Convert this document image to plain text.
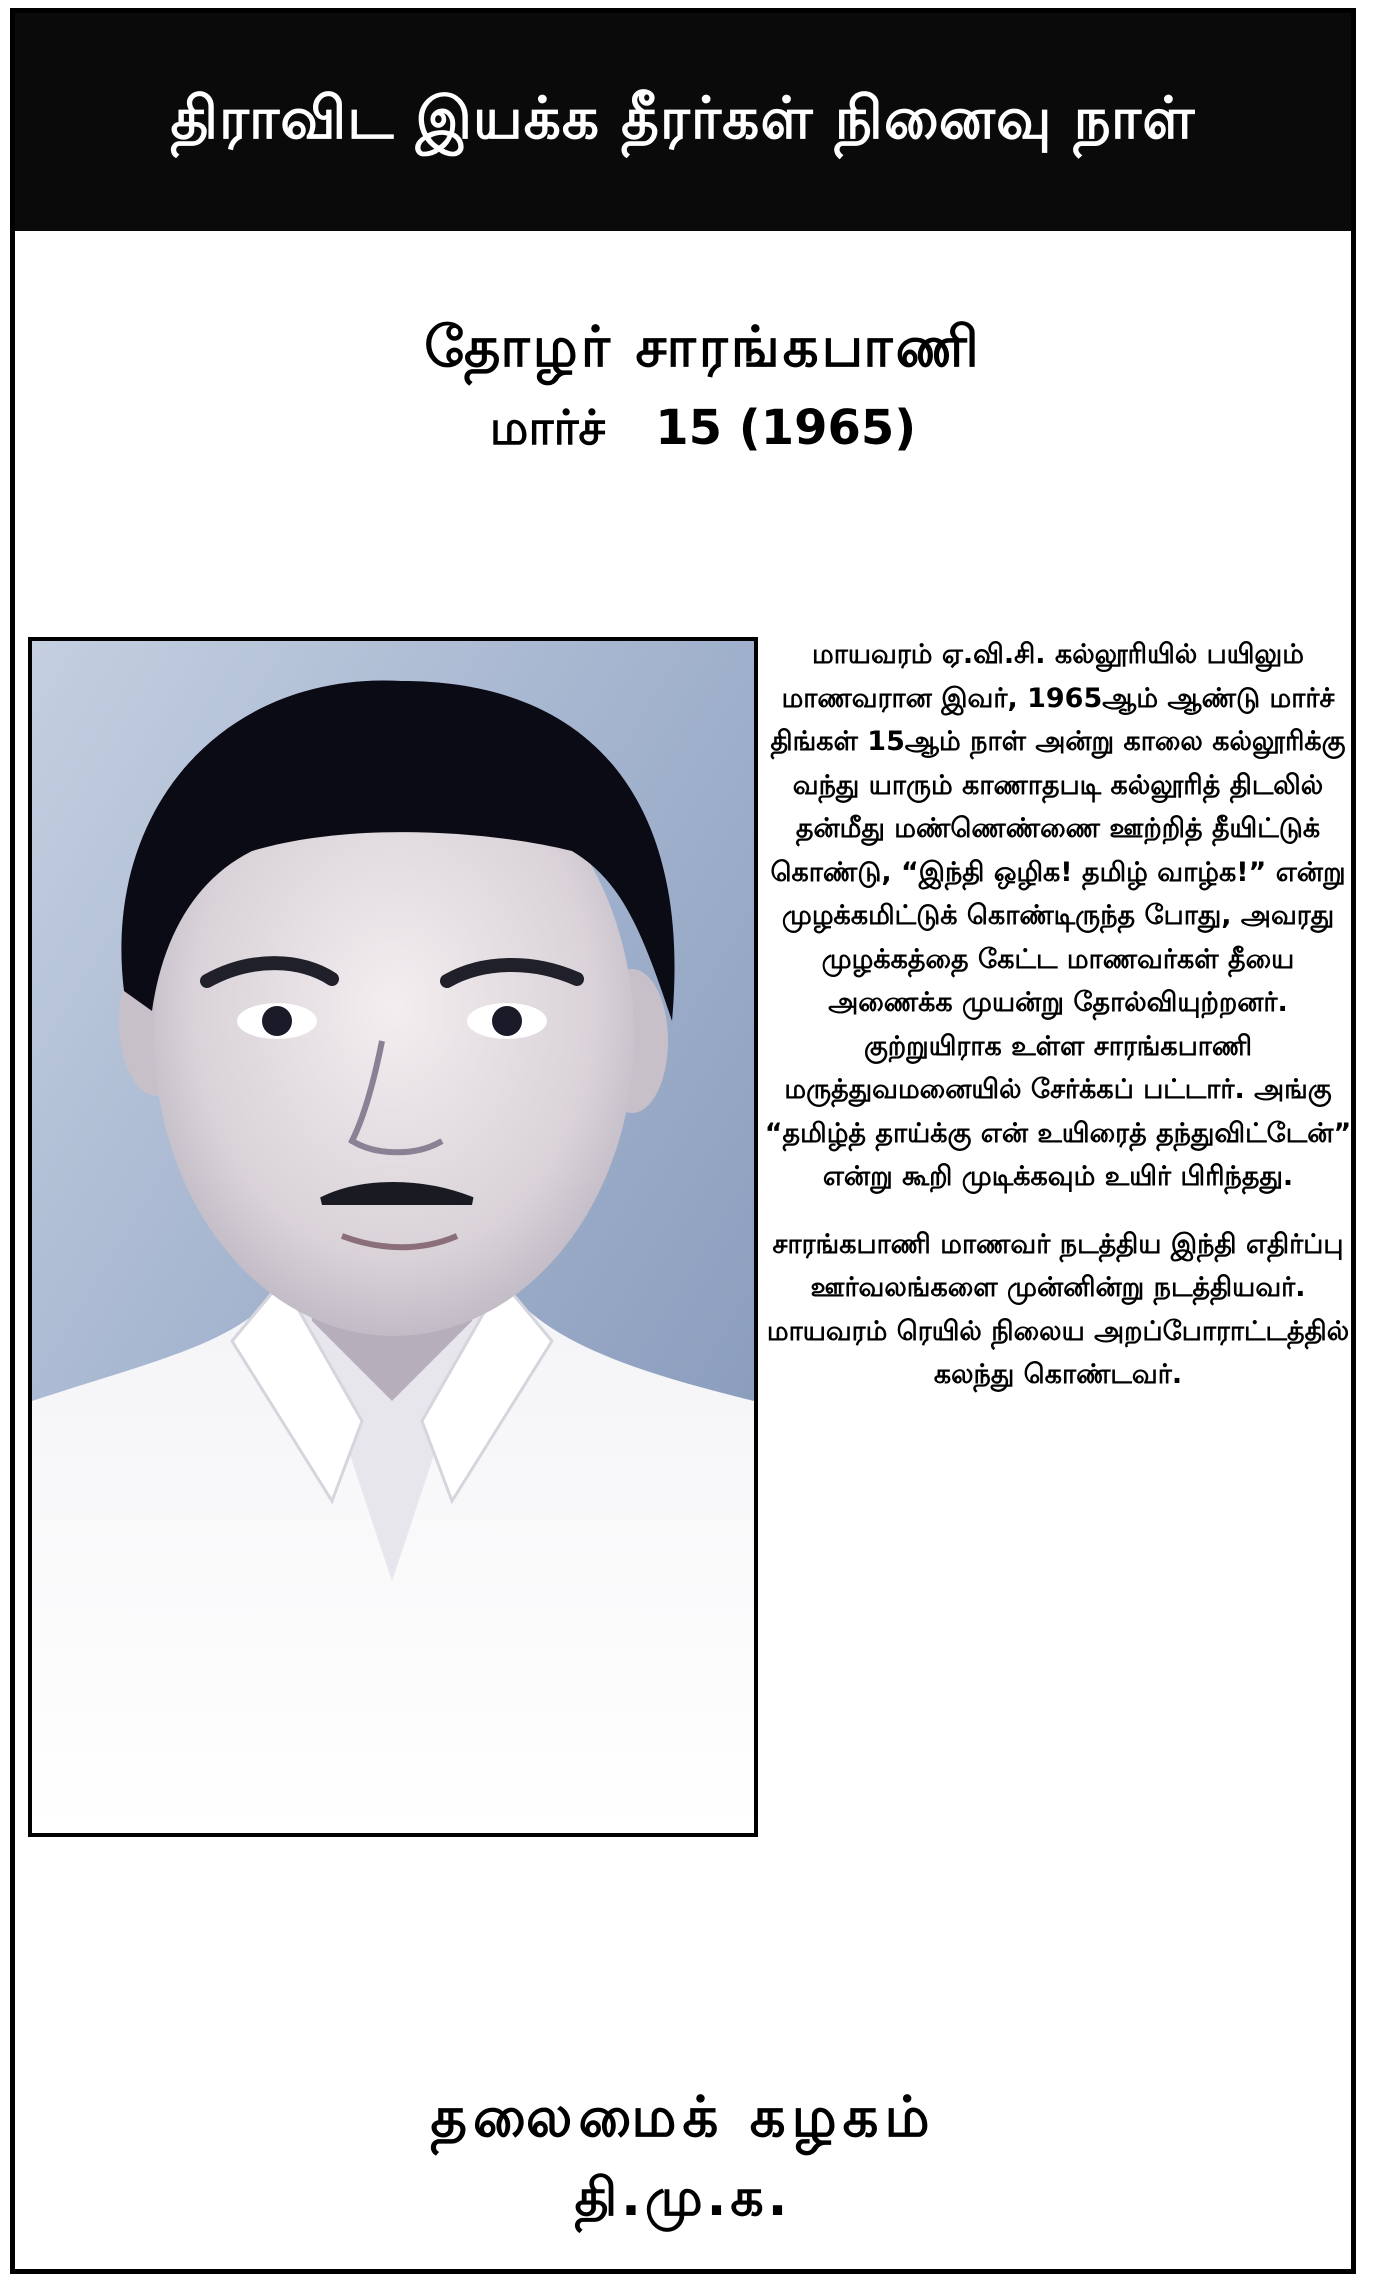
திராவிட இயக்க தீரர்கள் நினைவு நாள்
தோழர் சாரங்கபாணி
மார்ச்   15 (1965)

மாயவரம் ஏ.வி.சி. கல்லூரியில் பயிலும் மாணவரான இவர், 1965ஆம் ஆண்டு மார்ச் திங்கள் 15ஆம் நாள் அன்று காலை கல்லூரிக்கு வந்து யாரும் காணாதபடி கல்லூரித் திடலில் தன்மீது மண்ணெண்ணை ஊற்றித் தீயிட்டுக் கொண்டு, “இந்தி ஒழிக! தமிழ் வாழ்க!” என்று முழக்கமிட்டுக் கொண்டிருந்த போது, அவரது முழக்கத்தை கேட்ட மாணவர்கள் தீயை அணைக்க முயன்று தோல்வியுற்றனர். குற்றுயிராக உள்ள சாரங்கபாணி மருத்துவமனையில் சேர்க்கப் பட்டார். அங்கு “தமிழ்த் தாய்க்கு என் உயிரைத் தந்துவிட்டேன்” என்று கூறி முடிக்கவும் உயிர் பிரிந்தது.

சாரங்கபாணி மாணவர் நடத்திய இந்தி எதிர்ப்பு ஊர்வலங்களை முன்னின்று நடத்தியவர். மாயவரம் ரெயில் நிலைய அறப்போராட்டத்தில் கலந்து கொண்டவர்.

தலைமைக் கழகம்
தி.மு.க.
